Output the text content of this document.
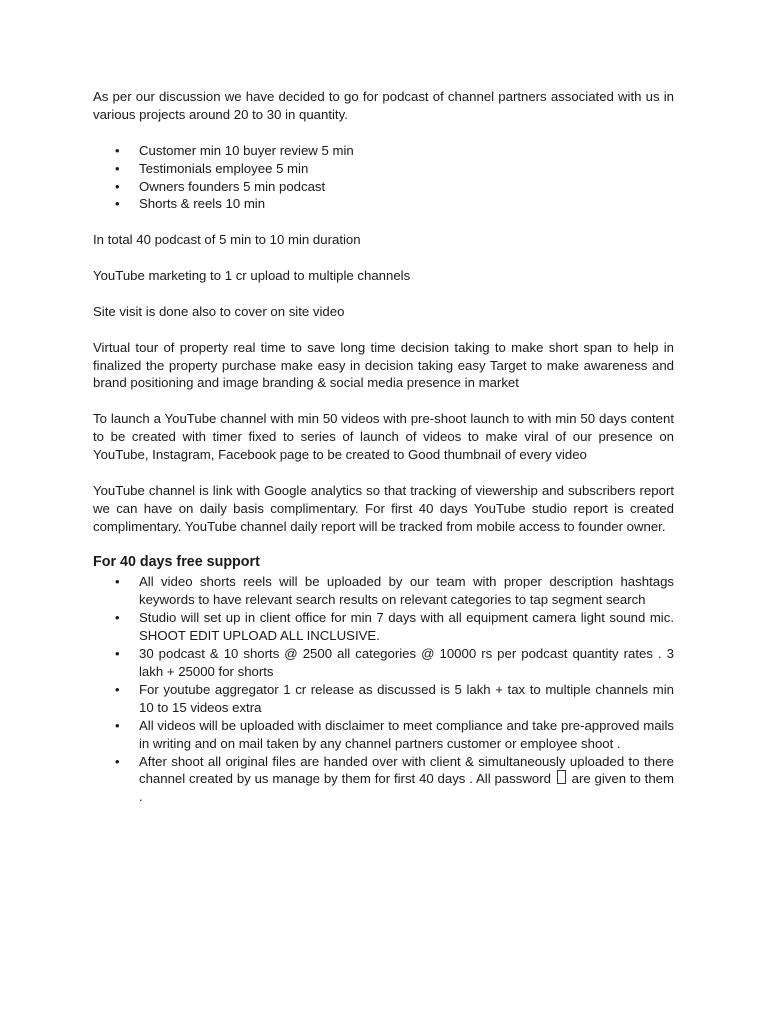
As per our discussion we have decided to go for podcast of channel partners associated with us in various projects around 20 to 30 in quantity.

• Customer min 10 buyer review 5 min
• Testimonials employee 5 min
• Owners founders 5 min podcast
• Shorts & reels 10 min

In total 40 podcast of 5 min to 10 min duration

YouTube marketing to 1 cr upload to multiple channels

Site visit is done also to cover on site video

Virtual tour of property real time to save long time decision taking to make short span to help in finalized the property purchase make easy in decision taking easy Target to make awareness and brand positioning and image branding & social media presence in market

To launch a YouTube channel with min 50 videos with pre-shoot launch to with min 50 days content to be created with timer fixed to series of launch of videos to make viral of our presence on YouTube, Instagram, Facebook page to be created to Good thumbnail of every video

YouTube channel is link with Google analytics so that tracking of viewership and subscribers report we can have on daily basis complimentary. For first 40 days YouTube studio report is created complimentary. YouTube channel daily report will be tracked from mobile access to founder owner.

For 40 days free support
• All video shorts reels will be uploaded by our team with proper description hashtags keywords to have relevant search results on relevant categories to tap segment search
• Studio will set up in client office for min 7 days with all equipment camera light sound mic. SHOOT EDIT UPLOAD ALL INCLUSIVE.
• 30 podcast & 10 shorts @ 2500 all categories @ 10000 rs per podcast quantity rates . 3 lakh + 25000 for shorts
• For youtube aggregator 1 cr release as discussed is 5 lakh + tax to multiple channels min 10 to 15 videos extra
• All videos will be uploaded with disclaimer to meet compliance and take pre-approved mails in writing and on mail taken by any channel partners customer or employee shoot .
• After shoot all original files are handed over with client & simultaneously uploaded to there channel created by us manage by them for first 40 days . All password are given to them .
